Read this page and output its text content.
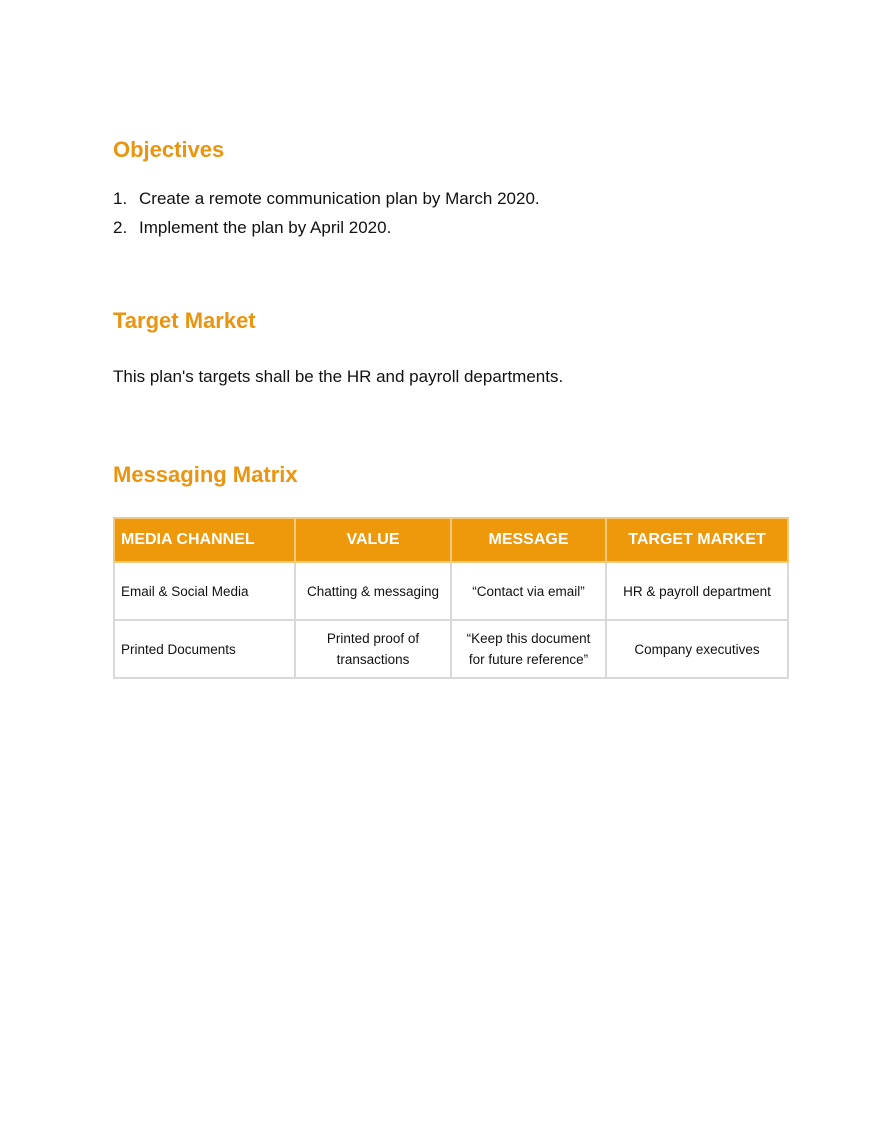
Objectives
1. Create a remote communication plan by March 2020.
2. Implement the plan by April 2020.
Target Market

This plan's targets shall be the HR and payroll departments.

Messaging Matrix
MEDIA CHANNEL	VALUE	MESSAGE	TARGET MARKET
Email & Social Media	Chatting & messaging	“Contact via email”	HR & payroll department
Printed Documents	Printed proof of transactions	“Keep this document for future reference”	Company executives
